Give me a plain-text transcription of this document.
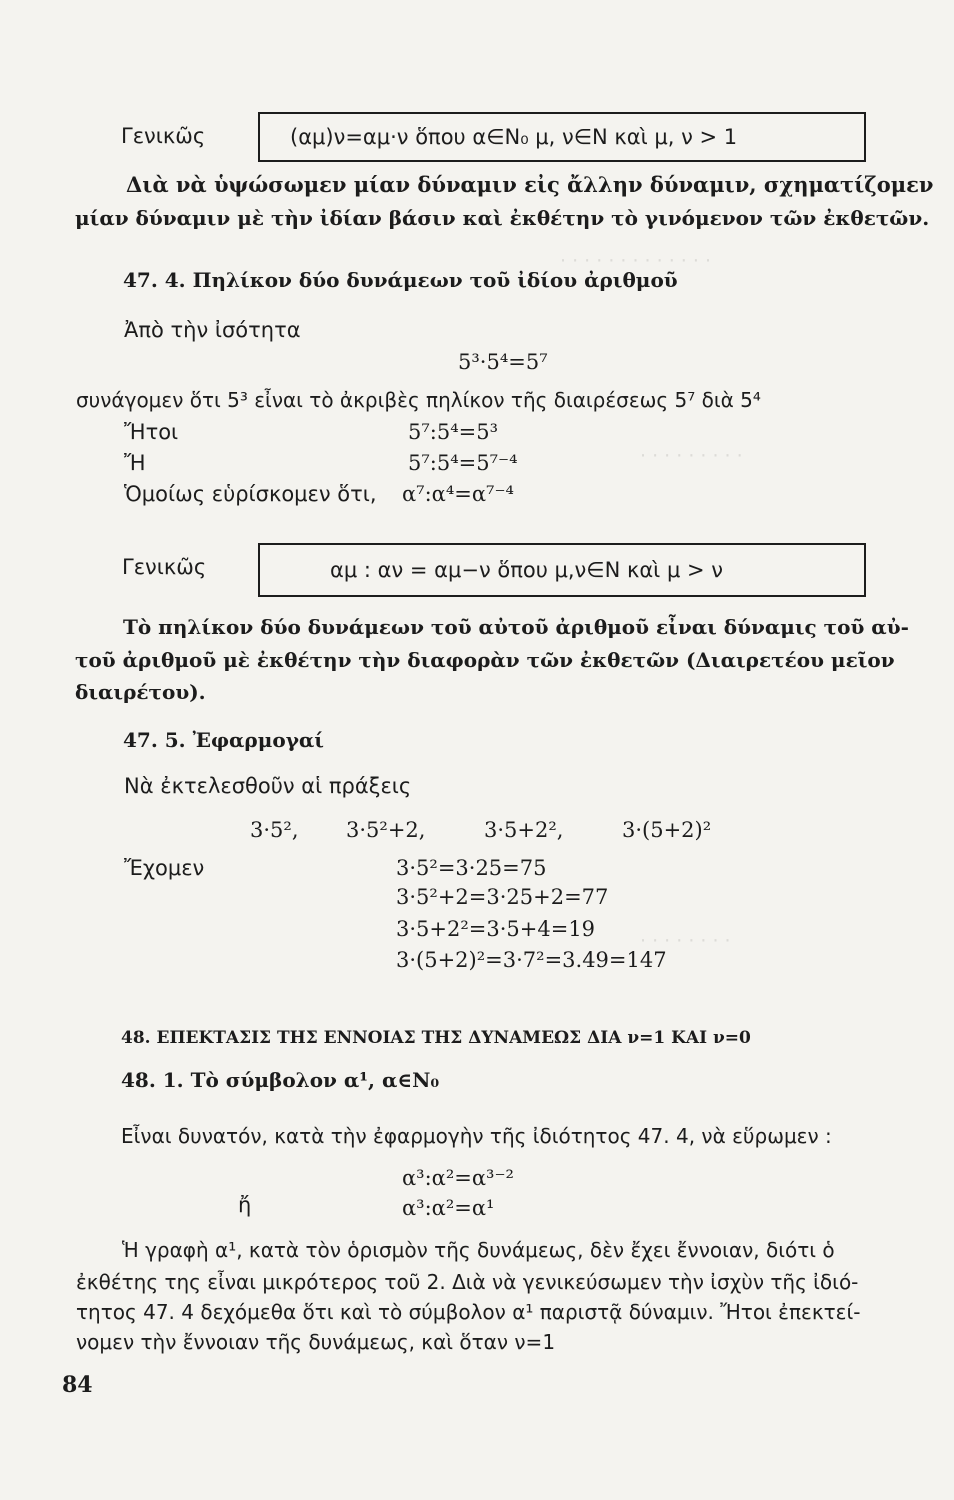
· · · · · · · · · · · · ·
· · · · · · · · ·
· · · · · · · ·
Γενικῶς	(αμ)ν=αμ·ν ὅπου α∈N₀ μ, ν∈N καὶ μ, ν > 1
Διὰ νὰ ὑψώσωμεν μίαν δύναμιν εἰς ἄλλην δύναμιν, σχηματίζομεν
μίαν δύναμιν μὲ τὴν ἰδίαν βάσιν καὶ ἐκθέτην τὸ γινόμενον τῶν ἐκθετῶν.
47. 4. Πηλίκον δύο δυνάμεων τοῦ ἰδίου ἀριθμοῦ
Ἀπὸ τὴν ἰσότητα
5³·5⁴=5⁷
συνάγομεν ὅτι 5³ εἶναι τὸ ἀκριβὲς πηλίκον τῆς διαιρέσεως 5⁷ διὰ 5⁴
Ἤτοι	5⁷:5⁴=5³
Ἤ	5⁷:5⁴=5⁷⁻⁴
Ὁμοίως εὑρίσκομεν ὅτι, α⁷:α⁴=α⁷⁻⁴
Γενικῶς	αμ : αν = αμ−ν ὅπου μ,ν∈N καὶ μ > ν
Τὸ πηλίκον δύο δυνάμεων τοῦ αὐτοῦ ἀριθμοῦ εἶναι δύναμις τοῦ αὐ-
τοῦ ἀριθμοῦ μὲ ἐκθέτην τὴν διαφορὰν τῶν ἐκθετῶν (Διαιρετέου μεῖον
διαιρέτου).
47. 5. Ἐφαρμογαί
Νὰ ἐκτελεσθοῦν αἱ πράξεις
3·5², 3·5²+2,	3·5+2²,	3·(5+2)²
Ἔχομεν	3·5²=3·25=75
3·5²+2=3·25+2=77
3·5+2²=3·5+4=19
3·(5+2)²=3·7²=3.49=147
48. ΕΠΕΚΤΑΣΙΣ ΤΗΣ ΕΝΝΟΙΑΣ ΤΗΣ ΔΥΝΑΜΕΩΣ ΔΙΑ ν=1 ΚΑΙ ν=0
48. 1. Τὸ σύμβολον α¹, α∈N₀
Εἶναι δυνατόν, κατὰ τὴν ἐφαρμογὴν τῆς ἰδιότητος 47. 4, νὰ εὕρωμεν :
α³:α²=α³⁻²
ἤ	α³:α²=α¹
Ἡ γραφὴ α¹, κατὰ τὸν ὁρισμὸν τῆς δυνάμεως, δὲν ἔχει ἔννοιαν, διότι ὁ
ἐκθέτης της εἶναι μικρότερος τοῦ 2. Διὰ νὰ γενικεύσωμεν τὴν ἰσχὺν τῆς ἰδιό-
τητος 47. 4 δεχόμεθα ὅτι καὶ τὸ σύμβολον α¹ παριστᾷ δύναμιν. Ἤτοι ἐπεκτεί-
νομεν τὴν ἔννοιαν τῆς δυνάμεως, καὶ ὅταν ν=1
84
